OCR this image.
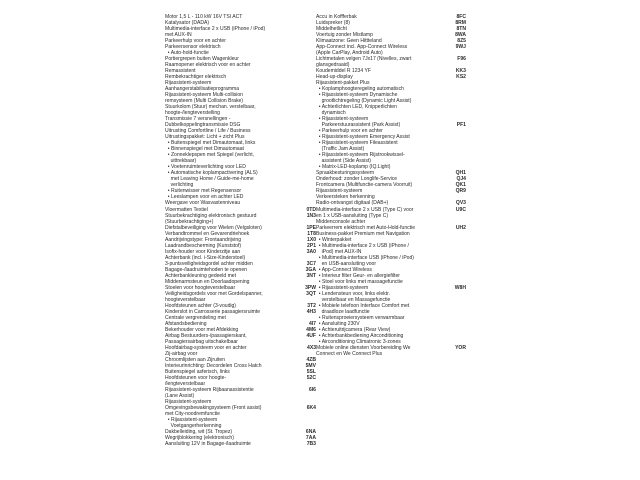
Motor 1,5 L - 110 kW 16V TSI ACT
Katalysator (DADA)
Multimedia-interface 2 x USB (iPhone / iPod)
met AUX-IN
Parkeerhulp voor en achter
Parkeersensor elektrisch
• Auto-hold-functie
Portiergrepen buiten Wagenkleur
Raamopener elektrisch voor en achter
Remassistent
Rembekrachtiger elektrisch
Rijassistent-systeem
Aanhangerstabilisatieprogramma
Rijassistent-systeem Multi-collision
remsysteem (Multi Collision Brake)
Stuurkolom (Stuur) mechan. verstelbaar,
hoogte-/lengteverstelling
Transmissie 7 versnellingen -
Dubbelkoppelingtransmissie DSG
Uitrusting Comfortline / Life / Business
Uitrustingspakket: Licht + zicht Plus
• Buitenspiegel met Dimautomaat, links
• Binnenspiegel met Dimautomaat
• Zonneklepspen met Spiegel (verlicht,
uittrekbaar)
• Voetenruimteverlichting voor LED
• Automatische koplampactivering (ALS)
met Leaving Home / Guide-me-home
verlichting
• Ruitenwisser met Regensensor
• Leeslampen voor en achter LED
Weergave voor Wasvastenniveau
Vloermatten Textiel	0TD
Stuurbekrachtiging elektronisch gestuurd	1N3
(Stuurbekrachtiging+)
Diefstalbeveiliging voor Wielen (Velgsloten)	1PE
Verbandtrommel en Gevarendriehoek	1T8
Aandrijvingstype: Frontaandrijving	1X0
Laadrandbescherming (Kunststof)	2P1
Isofix-houder voor Kinderzitje aan	3A0
Achterbank (incl. i-Size-Kinderstoel)
3-puntsveiligheidsgordel achter midden	3C7
Bagage-/laadruimtehoden te openen	3GA
Achterbankleuning gedeeld met	3NT
Middenarmsteun en Doorlaadopening
Stoelen voor hoogteverstelbaar	3PW
Veiligheidsgordels voor met Gordelspanner,	3QT
hoogteverstelbaar
Hoofdsteunen achter (3-voudig)	3T2
Kinderslot in Carrosserie passagiersruimte	4H3
Centrale vergrendeling met
Afstandsbediening	4I7
Bekerhouder voor met Afdekking	4M6
Airbag Bestuurders-/passagierskant,	4UF
Passagiersairbag uitschakelbaar
Hoofdairbag-systeem voor en achter	4X3
Zij-airbag voor
Chroomlijsten aan Zijruiten	4ZB
Interieurinrichting: Decordelen Cross Hatch	5MV
Buitenspiegel asferisch, links	5SL
Hoofdsteunen voor hoogte-	52C
/lengteverstelbaar
Rijassistent-systeem Rijbaanassistentie	6I6
(Lane Assist)
Rijassistent-systeem
Omgevingsbewakingsysteem (Front assist)	6K4
met City-noodremfunctie
• Rijassistent-systeem
Voetgangerherkenning
Dakbelleiding, wit (St. Tropez)	6NA
Wegrijblokkering (elektronisch)	7AA
Aansluiting 12V in Bagage-/laadruimte	7B3
Accu in Koffferbak	8FC
Luidspreker (8)	8RM
Middelhetlicht	8TN
Voertuig zonder Mistlamp	8WA
Klimaatzone: Geen Hittteland	8Z5
App-Connect incl. App-Connect Wireless	9WJ
(Apple CarPlay, Android Auto)
Lichtmetalen velgen 7Jx17 (Nivelles, zwart	F96
glansgedraaid)
Koudemiddel R 1234 YF	KK3
Head-up-display	KS2
Rijassistent-pakket Plus
• Koplamphoogteregeling automatisch
• Rijassistent-systeem Dynamische
grootlichtregeling (Dynamic Light Assist)
• Achterlichten LED, Knipperlichten
dynamisch
• Rijassistent-systeem
Parkeerstuurassistent (Park Assist)	PF1
• Parkeerhulp voor en achter
• Rijassistent-systeem Emergency Assist
• Rijassistent-systeem Fileassistent
(Traffic Jam Assist)
• Rijassistent-systeem Rijstrookwissel-
assistent (Side Assist)
• Matrix-LED-koplamp (IQ.Light)
Spraakbesturingssysteem	QH1
Onderhoud: zonder Longlife-Service	QJ4
Frontcamera (Multifunctie-camera Voorruit)	QK1
Rijassistent-systeem	QR9
Verkeersteken herkenning
Radio-ontvangst digitaal (DAB+)	QV3
Multimedia-interface 2 x USB (Type C) voor	U9C
en 1 x USB-aansluiting (Type C)
Middenconsole achter
Parkeerrem elektrisch met Auto-Hold-functie	UH2
Business-pakket Premium met Navigation
• Winterpakket
• Multimedia-interface 2 x USB (iPhone /
iPod) met AUX-IN
• Multimedia-interface USB (iPhone / iPod)
en USB-aansluiting voor
• App-Connect Wireless
• Interieur filter Geur- en allergiefilter
• Stoel voor links met massagefunctie
• Rijassistent-systeem	W8H
• Lendensteun voor, links elektr.
verstelbaar en Massagefunctie
• Mobiele telefoon Interface Comfort met
draadloze laadfunctie
• Ruitensproeiersysteem verwarmbaar
• Aansluiting 230V
• Achteruitrijcamera (Rear View)
• Achterbankbediening Airconditioning
• Airconditioning Climatronic 3-zones
Mobiele online diensten Voorbereiding We	YOR
Connect en We Connect Plus
